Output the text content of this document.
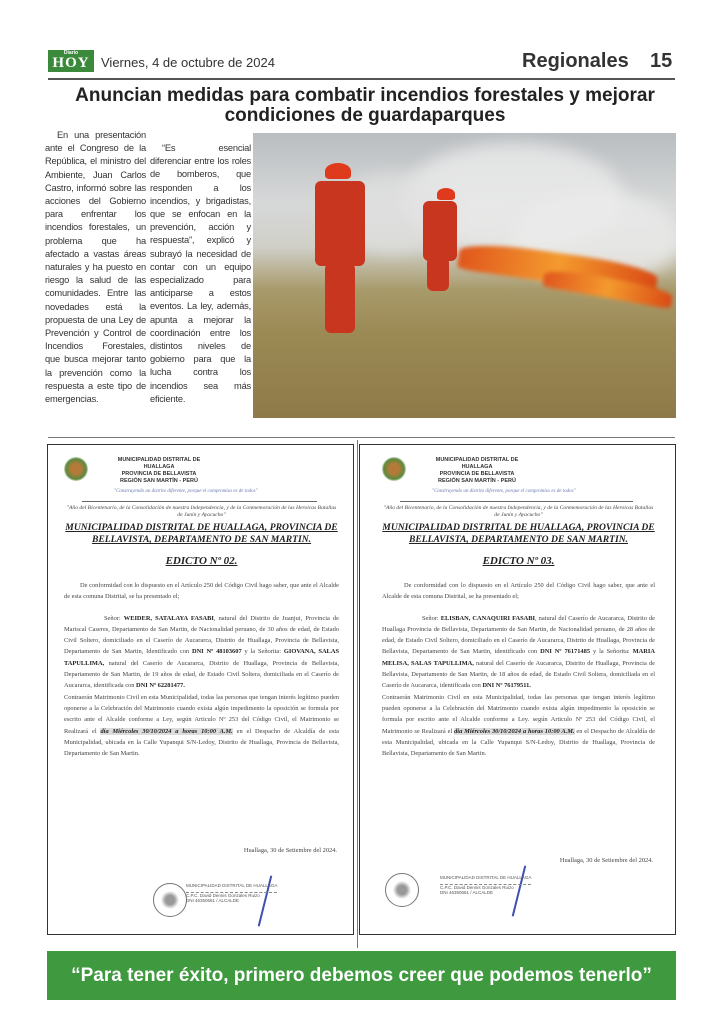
Diario
HOY Viernes, 4 de octubre de 2024	Regionales 15
Anuncian medidas para combatir incendios forestales y mejorar condiciones de guardaparques

En una presentación ante el Congreso de la República, el ministro del Ambiente, Juan Carlos Castro, informó sobre las acciones del Gobierno para enfrentar los incendios forestales, un problema que ha afectado a vastas áreas naturales y ha puesto en riesgo la salud de las comunidades. Entre las novedades está la propuesta de una Ley de Prevención y Control de Incendios Forestales, que busca mejorar tanto la prevención como la respuesta a este tipo de emergencias.

“Es esencial diferenciar entre los roles de bomberos, que responden a los incendios, y brigadistas, que se enfocan en la prevención, acción y respuesta”, explicó y subrayó la necesidad de contar con un equipo especializado para anticiparse a estos eventos. La ley, además, apunta a mejorar la coordinación entre los distintos niveles de gobierno para que la lucha contra los incendios sea más eficiente.

MUNICIPALIDAD DISTRITAL DE HUALLAGA
PROVINCIA DE BELLAVISTA
REGIÓN SAN MARTÍN - PERÚ
"Construyendo un distrito diferente, porque el compromiso es de todos"
"Año del Bicentenario, de la Consolidación de nuestra Independencia, y de la Conmemoración de las Heroicas Batallas de Junín y Ayacucho"
MUNICIPALIDAD DISTRITAL DE HUALLAGA, PROVINCIA DE BELLAVISTA, DEPARTAMENTO DE SAN MARTIN.
EDICTO Nº 02.
De conformidad con lo dispuesto en el Artículo 250 del Código Civil hago saber, que ante el Alcalde de esta comuna Distrital, se ha presentado el;
Señor: WEIDER, SATALAYA FASABI, natural del Distrito de Juanjui, Provincia de Mariscal Caseres, Departamento de San Martin, de Nacionalidad peruano, de 30 años de edad, de Estado Civil Soltero, domiciliado en el Caserío de Aucararca, Distrito de Huallaga, Provincia de Bellavista, Departamento de San Martin, Identificado con DNI Nº 48103607 y la Señorita: GIOVANA, SALAS TAPULLIMA, natural del Caserío de Aucararca, Distrito de Huallaga, Provincia de Bellavista, Departamento de San Martin, de 19 años de edad, de Estado Civil Soltera, domiciliada en el Caserío de Aucararca, identificada con DNI Nº 62281477.
Contraerán Matrimonio Civil en esta Municipalidad, todas las personas que tengan interés legítimo pueden oponerse a la Celebración del Matrimonio cuando exista algún impedimento la oposición se formula por escrito ante el Alcalde conforme a Ley, según Articulo Nº 253 del Código Civil, el Matrimonio se Realizará el día Miércoles 30/10/2024 a horas 10:00 A.M. en el Despacho de Alcaldía de esta Municipalidad, ubicada en la Calle Yupanqui S/N-Ledoy, Distrito de Huallaga, Provincia de Bellavista, Departamento de San Martin.
Huallaga, 30 de Setiembre del 2024.
MUNICIPALIDAD DISTRITAL DE HUALLAGA
C.P.C. David Dennis Gonzales Ruizo
DNI 46350661 / ALCALDE
MUNICIPALIDAD DISTRITAL DE HUALLAGA
PROVINCIA DE BELLAVISTA
REGIÓN SAN MARTÍN - PERÚ
"Construyendo un distrito diferente, porque el compromiso es de todos"
"Año del Bicentenario, de la Consolidación de nuestra Independencia, y de la Conmemoración de las Heroicas Batallas de Junín y Ayacucho"
MUNICIPALIDAD DISTRITAL DE HUALLAGA, PROVINCIA DE BELLAVISTA, DEPARTAMENTO DE SAN MARTIN.
EDICTO Nº 03.
De conformidad con lo dispuesto en el Artículo 250 del Código Civil hago saber, que ante el Alcalde de esta comuna Distrital, se ha presentado el;
Señor: ELISBAN, CANAQUIRI FASABI, natural del Caserío de Aucararca, Distrito de Huallaga Provincia de Bellavista, Departamento de San Martin, de Nacionalidad peruano, de 28 años de edad, de Estado Civil Soltero, domiciliado en el Caserío de Aucararca, Distrito de Huallaga, Provincia de Bellavista, Departamento de San Martin, identificado con DNI Nº 76171485 y la Señorita: MARIA MELISA, SALAS TAPULLIMA, natural del Caserío de Aucararca, Distrito de Huallaga, Provincia de Bellavista, Departamento de San Martin, de 18 años de edad, de Estado Civil Soltera, domiciliada en el Caserío de Aucararca, identificada con DNI Nº 76179511.
Contraerán Matrimonio Civil en esta Municipalidad, todas las personas que tengan interés legítimo pueden oponerse a la Celebración del Matrimonio cuando exista algún impedimento la oposición se formula por escrito ante el Alcalde conforme a Ley. según Articulo Nº 253 del Código Civil, el Matrimonio se Realizará el dia Miércoles 30/10/2024 a horas 10:00 A.M. en el Despacho de Alcaldía de esta Municipalidad, ubicada en la Calle Yupanqui S/N-Ledoy, Distrito de Huallaga, Provincia de Bellavista, Departamento de San Martin.
Huallaga, 30 de Setiembre del 2024.
MUNICIPALIDAD DISTRITAL DE HUALLAGA
C.P.C. David Dennis Gonzales Ruizo
DNI 46350661 / ALCALDE
“Para tener éxito, primero debemos creer que podemos tenerlo”
